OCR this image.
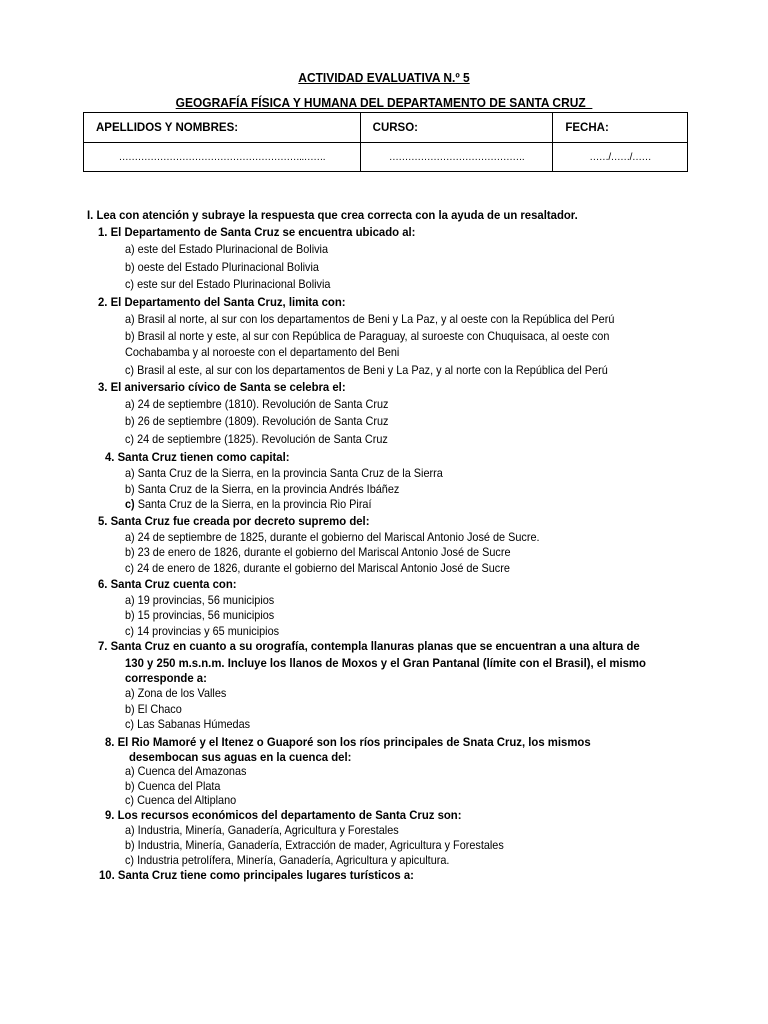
ACTIVIDAD EVALUATIVA N.º 5
GEOGRAFÍA FÍSICA Y HUMANA DEL DEPARTAMENTO DE SANTA CRUZ_
APELLIDOS Y NOMBRES:	CURSO:	FECHA:
…………………………………………………..…….	…………………………………….	……/……/……
I. Lea con atención y subraye la respuesta que crea correcta con la ayuda de un resaltador.
1. El Departamento de Santa Cruz se encuentra ubicado al:
a) este del Estado Plurinacional de Bolivia
b) oeste del Estado Plurinacional Bolivia
c) este sur del Estado Plurinacional Bolivia
2. El Departamento del Santa Cruz, limita con:
a) Brasil al norte, al sur con los departamentos de Beni y La Paz, y al oeste con la República del Perú
b) Brasil al norte y este, al sur con República de Paraguay, al suroeste con Chuquisaca, al oeste con
Cochabamba y al noroeste con el departamento del Beni
c) Brasil al este, al sur con los departamentos de Beni y La Paz, y al norte con la República del Perú
3. El aniversario cívico de Santa se celebra el:
a) 24 de septiembre (1810). Revolución de Santa Cruz
b) 26 de septiembre (1809). Revolución de Santa Cruz
c) 24 de septiembre (1825). Revolución de Santa Cruz
4. Santa Cruz tienen como capital:
a) Santa Cruz de la Sierra, en la provincia Santa Cruz de la Sierra
b) Santa Cruz de la Sierra, en la provincia Andrés Ibáñez
c) Santa Cruz de la Sierra, en la provincia Rio Piraí
5. Santa Cruz fue creada por decreto supremo del:
a) 24 de septiembre de 1825, durante el gobierno del Mariscal Antonio José de Sucre.
b) 23 de enero de 1826, durante el gobierno del Mariscal Antonio José de Sucre
c) 24 de enero de 1826, durante el gobierno del Mariscal Antonio José de Sucre
6. Santa Cruz cuenta con:
a) 19 provincias, 56 municipios
b) 15 provincias, 56 municipios
c) 14 provincias y 65 municipios
7. Santa Cruz en cuanto a su orografía, contempla llanuras planas que se encuentran a una altura de
130 y 250 m.s.n.m. Incluye los llanos de Moxos y el Gran Pantanal (límite con el Brasil), el mismo
corresponde a:
a) Zona de los Valles
b) El Chaco
c) Las Sabanas Húmedas
8. El Rio Mamoré y el Itenez o Guaporé son los ríos principales de Snata Cruz, los mismos
desembocan sus aguas en la cuenca del:
a) Cuenca del Amazonas
b) Cuenca del Plata
c) Cuenca del Altiplano
9. Los recursos económicos del departamento de Santa Cruz son:
a) Industria, Minería, Ganadería, Agricultura y Forestales
b) Industria, Minería, Ganadería, Extracción de mader, Agricultura y Forestales
c) Industria petrolífera, Minería, Ganadería, Agricultura y apicultura.
10. Santa Cruz tiene como principales lugares turísticos a:
